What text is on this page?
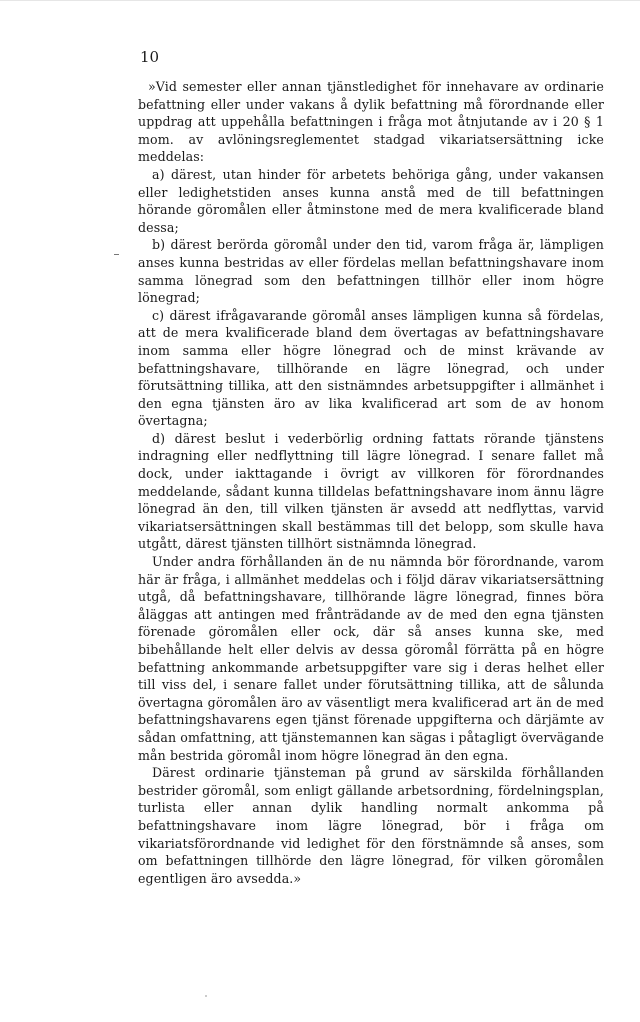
10

»Vid semester eller annan tjänstledighet för innehavare av ordinarie befattning eller under vakans å dylik befattning må förordnande eller uppdrag att uppehålla befattningen i fråga mot åtnjutande av i 20 § 1 mom. av avlöningsreglementet stadgad vikariatsersättning icke meddelas:

a) därest, utan hinder för arbetets behöriga gång, under vakansen eller ledighetstiden anses kunna anstå med de till befattningen hörande göromålen eller åtminstone med de mera kvalificerade bland dessa;

b) därest berörda göromål under den tid, varom fråga är, lämpligen anses kunna bestridas av eller fördelas mellan befattningshavare inom samma lönegrad som den befattningen tillhör eller inom högre lönegrad;

c) därest ifrågavarande göromål anses lämpligen kunna så fördelas, att de mera kvalificerade bland dem övertagas av befattningshavare inom samma eller högre lönegrad och de minst krävande av befattningshavare, tillhörande en lägre lönegrad, och under förutsättning tillika, att den sistnämndes arbetsuppgifter i allmänhet i den egna tjänsten äro av lika kvalificerad art som de av honom övertagna;

d) därest beslut i vederbörlig ordning fattats rörande tjänstens indragning eller nedflyttning till lägre lönegrad. I senare fallet må dock, under iakttagande i övrigt av villkoren för förordnandes meddelande, sådant kunna tilldelas befattningshavare inom ännu lägre lönegrad än den, till vilken tjänsten är avsedd att nedflyttas, varvid vikariatsersättningen skall bestämmas till det belopp, som skulle hava utgått, därest tjänsten tillhört sistnämnda lönegrad.

Under andra förhållanden än de nu nämnda bör förordnande, varom här är fråga, i allmänhet meddelas och i följd därav vikariatsersättning utgå, då befattningshavare, tillhörande lägre lönegrad, finnes böra åläggas att antingen med frånträdande av de med den egna tjänsten förenade göromålen eller ock, där så anses kunna ske, med bibehållande helt eller delvis av dessa göromål förrätta på en högre befattning ankommande arbetsuppgifter vare sig i deras helhet eller till viss del, i senare fallet under förutsättning tillika, att de sålunda övertagna göromålen äro av väsentligt mera kvalificerad art än de med befattningshavarens egen tjänst förenade uppgifterna och därjämte av sådan omfattning, att tjänstemannen kan sägas i påtagligt övervägande mån bestrida göromål inom högre lönegrad än den egna.

Därest ordinarie tjänsteman på grund av särskilda förhållanden bestrider göromål, som enligt gällande arbetsordning, fördelningsplan, turlista eller annan dylik handling normalt ankomma på befattningshavare inom lägre lönegrad, bör i fråga om vikariatsförordnande vid ledighet för den förstnämnde så anses, som om befattningen tillhörde den lägre lönegrad, för vilken göromålen egentligen äro avsedda.»
